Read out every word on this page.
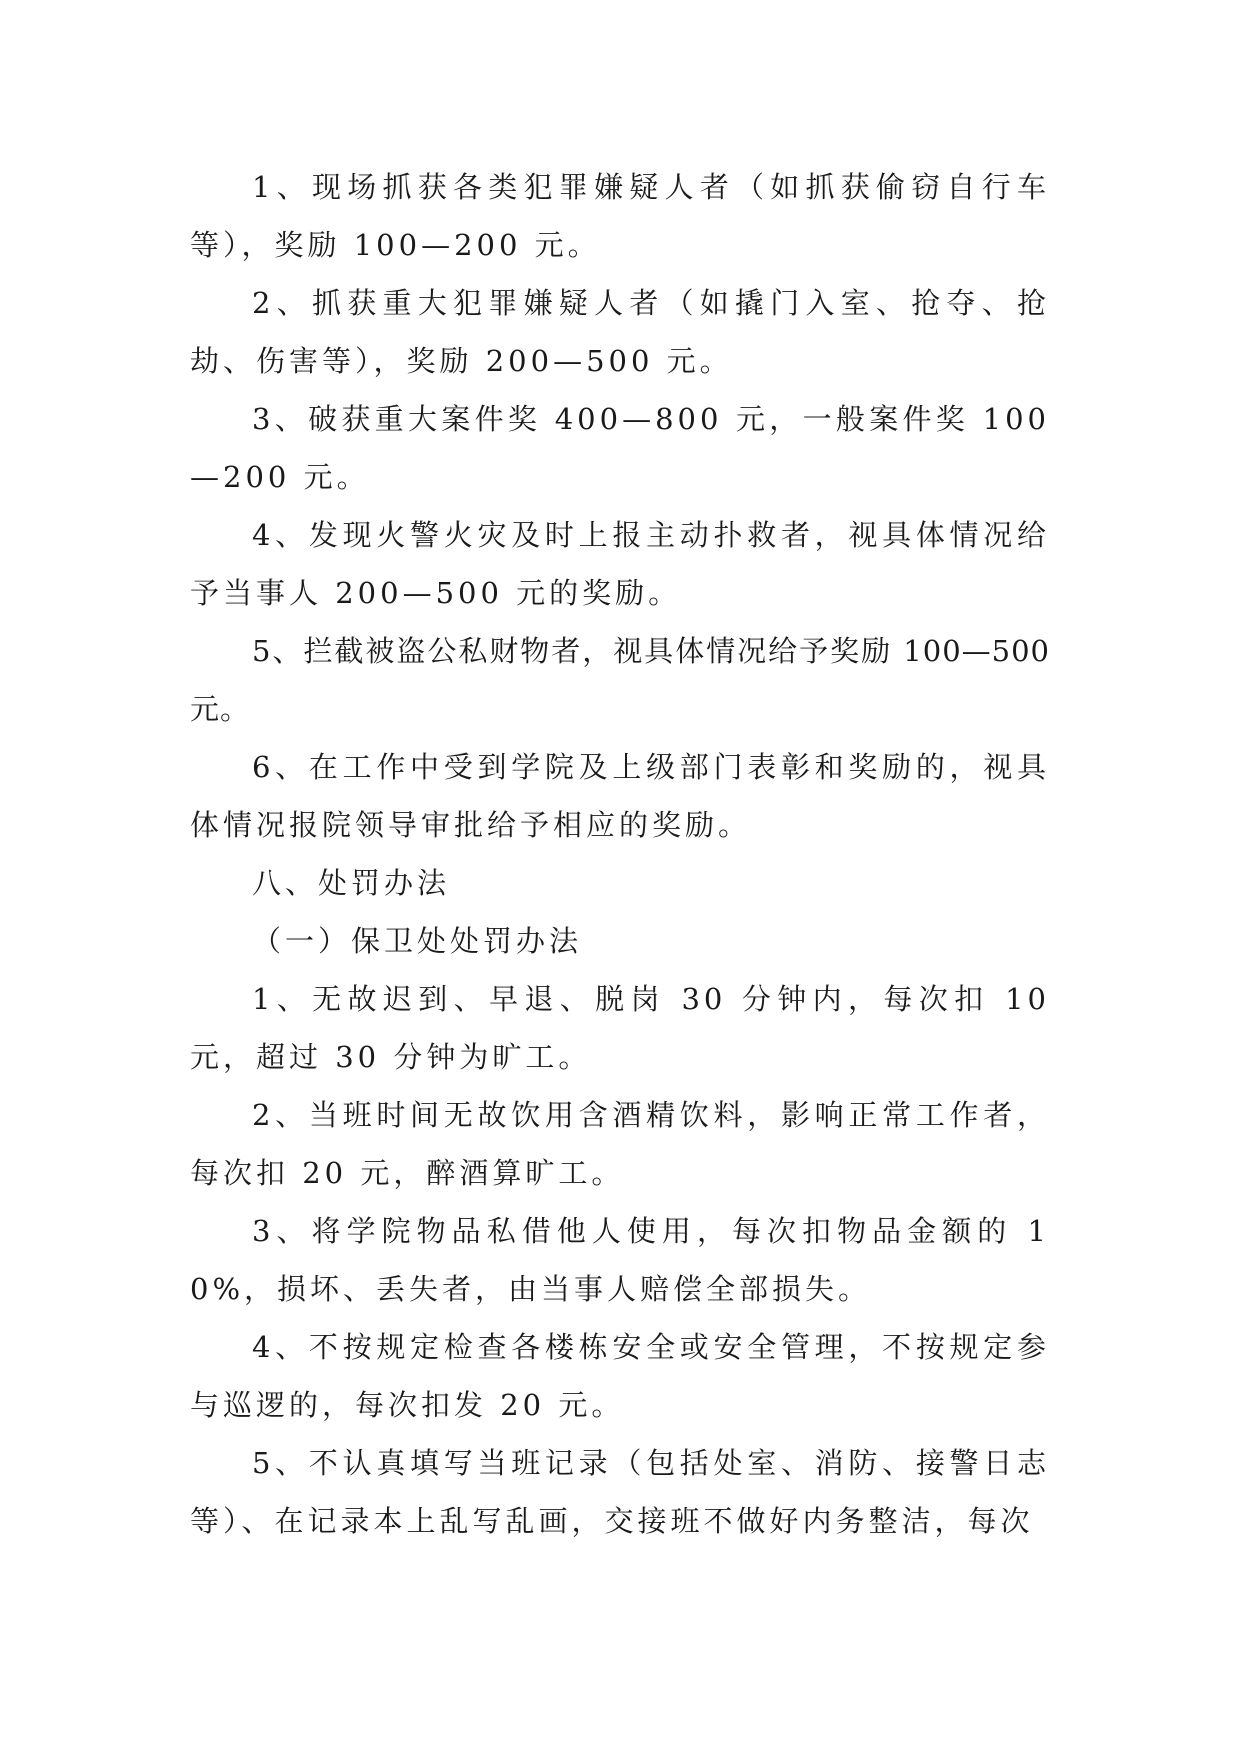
1、现场抓获各类犯罪嫌疑人者（如抓获偷窃自行车等），奖励 100—200 元。

2、抓获重大犯罪嫌疑人者（如撬门入室、抢夺、抢劫、伤害等），奖励 200—500 元。

3、破获重大案件奖 400—800 元，一般案件奖 100—200 元。

4、发现火警火灾及时上报主动扑救者，视具体情况给予当事人 200—500 元的奖励。

5、拦截被盗公私财物者，视具体情况给予奖励 100—500 元。

6、在工作中受到学院及上级部门表彰和奖励的，视具体情况报院领导审批给予相应的奖励。

八、处罚办法

（一）保卫处处罚办法

1、无故迟到、早退、脱岗 30 分钟内，每次扣 10 元，超过 30 分钟为旷工。

2、当班时间无故饮用含酒精饮料，影响正常工作者，每次扣 20 元，醉酒算旷工。

3、将学院物品私借他人使用，每次扣物品金额的 10%，损坏、丢失者，由当事人赔偿全部损失。

4、不按规定检查各楼栋安全或安全管理，不按规定参与巡逻的，每次扣发 20 元。

5、不认真填写当班记录（包括处室、消防、接警日志等）、在记录本上乱写乱画，交接班不做好内务整洁，每次
